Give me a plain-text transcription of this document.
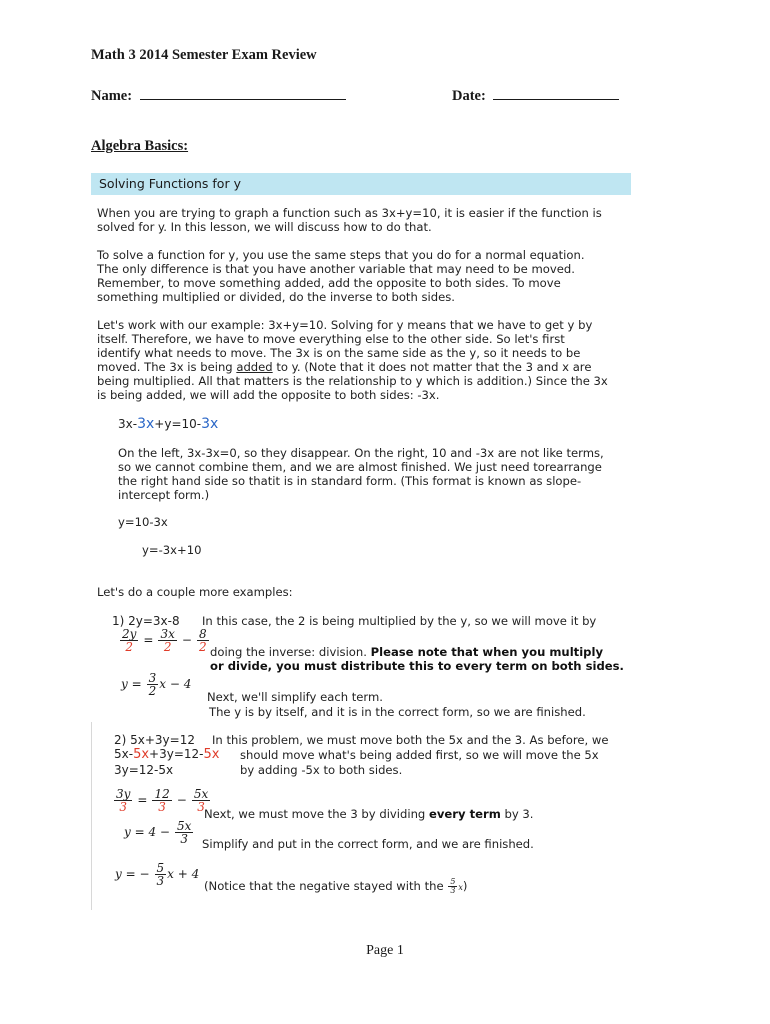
Math 3 2014 Semester Exam Review
Name:	Date:
Algebra Basics:
Solving Functions for y

When you are trying to graph a function such as 3x+y=10, it is easier if the function is solved for y. In this lesson, we will discuss how to do that.

To solve a function for y, you use the same steps that you do for a normal equation. The only difference is that you have another variable that may need to be moved. Remember, to move something added, add the opposite to both sides. To move something multiplied or divided, do the inverse to both sides.

Let's work with our example: 3x+y=10. Solving for y means that we have to get y by itself. Therefore, we have to move everything else to the other side. So let's first identify what needs to move. The 3x is on the same side as the y, so it needs to be moved. The 3x is being added to y. (Note that it does not matter that the 3 and x are being multiplied. All that matters is the relationship to y which is addition.) Since the 3x is being added, we will add the opposite to both sides: -3x.

3x-3x+y=10-3x

On the left, 3x-3x=0, so they disappear. On the right, 10 and -3x are not like terms, so we cannot combine them, and we are almost finished. We just need torearrange the right hand side so thatit is in standard form. (This format is known as slope-intercept form.)

y=10-3x
y=-3x+10
Let's do a couple more examples:
1) 2y=3x-8 In this case, the 2 is being multiplied by the y, so we will move it by
$\frac{2y}{2} = \frac{3x}{2} - \frac{8}{2}$ doing the inverse: division. Please note that when you multiply
or divide, you must distribute this to every term on both sides.
$y = \frac{3}{2}$ x − 4
Next, we'll simplify each term.
The y is by itself, and it is in the correct form, so we are finished.
2) 5x+3y=12 In this problem, we must move both the 5x and the 3. As before, we
5x-5x+3y=12-5x should move what's being added first, so we will move the 5x
3y=12-5x	by adding -5x to both sides.
$\frac{3y}{3} = \frac{12}{3} - \frac{5x}{3}$
Next, we must move the 3 by dividing every term by 3.
$y = 4 - \frac{5x}{3}$ Simplify and put in the correct form, and we are finished.
y = − $\frac{5}{3}$ x + 4
(Notice that the negative stayed with the $\frac{5}{3} x$)
Page 1
